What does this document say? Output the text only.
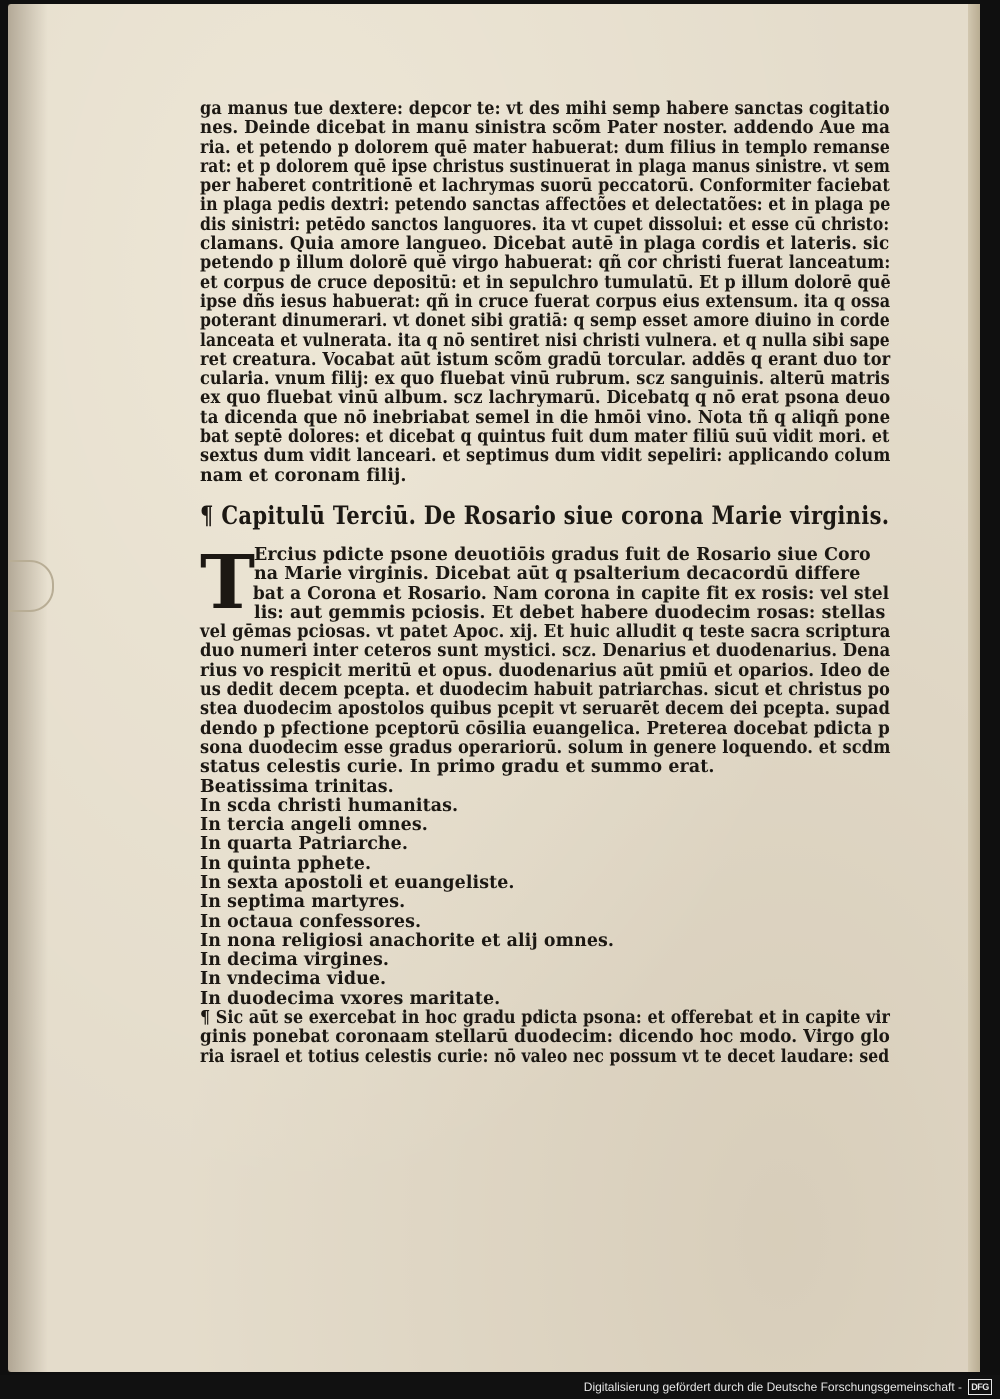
ga manus tue dextere: depcor te: vt des mihi semp habere sanctas cogitatio
nes. Deinde dicebat in manu sinistra scõm Pater noster. addendo Aue ma
ria. et petendo p dolorem quē mater habuerat: dum filius in templo remanse
rat: et p dolorem quē ipse christus sustinuerat in plaga manus sinistre. vt sem
per haberet contritionē et lachrymas suorū peccatorū. Conformiter faciebat
in plaga pedis dextri: petendo sanctas affectões et delectatões: et in plaga pe
dis sinistri: petēdo sanctos languores. ita vt cupet dissolui: et esse cū christo:
clamans. Quia amore langueo. Dicebat autē in plaga cordis et lateris. sic
petendo p illum dolorē quē virgo habuerat: qñ cor christi fuerat lanceatum:
et corpus de cruce depositū: et in sepulchro tumulatū. Et p illum dolorē quē
ipse dñs iesus habuerat: qñ in cruce fuerat corpus eius extensum. ita q ossa
poterant dinumerari. vt donet sibi gratiā: q semp esset amore diuino in corde
lanceata et vulnerata. ita q nō sentiret nisi christi vulnera. et q nulla sibi sape
ret creatura. Vocabat aūt istum scõm gradū torcular. addēs q erant duo tor
cularia. vnum filij: ex quo fluebat vinū rubrum. scz sanguinis. alterū matris
ex quo fluebat vinū album. scz lachrymarū. Dicebatq q nō erat psona deuo
ta dicenda que nō inebriabat semel in die hmōi vino. Nota tñ q aliqñ pone
bat septē dolores: et dicebat q quintus fuit dum mater filiū suū vidit mori. et
sextus dum vidit lanceari. et septimus dum vidit sepeliri: applicando colum
nam et coronam filij.
¶ Capitulū Terciū. De Rosario siue corona Marie virginis.
T
Ercius pdicte psone deuotiōis gradus fuit de Rosario siue Coro
na Marie virginis. Dicebat aūt q psalterium decacordū differe
bat a Corona et Rosario. Nam corona in capite fit ex rosis: vel stel
lis: aut gemmis pciosis. Et debet habere duodecim rosas: stellas
vel gēmas pciosas. vt patet Apoc. xij. Et huic alludit q teste sacra scriptura
duo numeri inter ceteros sunt mystici. scz. Denarius et duodenarius. Dena
rius vo respicit meritū et opus. duodenarius aūt pmiū et oparios. Ideo de
us dedit decem pcepta. et duodecim habuit patriarchas. sicut et christus po
stea duodecim apostolos quibus pcepit vt seruarēt decem dei pcepta. supad
dendo p pfectione pceptorū cōsilia euangelica. Preterea docebat pdicta p
sona duodecim esse gradus operariorū. solum in genere loquendo. et scdm
status celestis curie. In primo gradu et summo erat.
Beatissima trinitas.
In scda christi humanitas.
In tercia angeli omnes.
In quarta Patriarche.
In quinta pphete.
In sexta apostoli et euangeliste.
In septima martyres.
In octaua confessores.
In nona religiosi anachorite et alij omnes.
In decima virgines.
In vndecima vidue.
In duodecima vxores maritate.
¶ Sic aūt se exercebat in hoc gradu pdicta psona: et offerebat et in capite vir
ginis ponebat coronaam stellarū duodecim: dicendo hoc modo. Virgo glo
ria israel et totius celestis curie: nō valeo nec possum vt te decet laudare: sed
Digitalisierung gefördert durch die Deutsche Forschungsgemeinschaft -	DFG
